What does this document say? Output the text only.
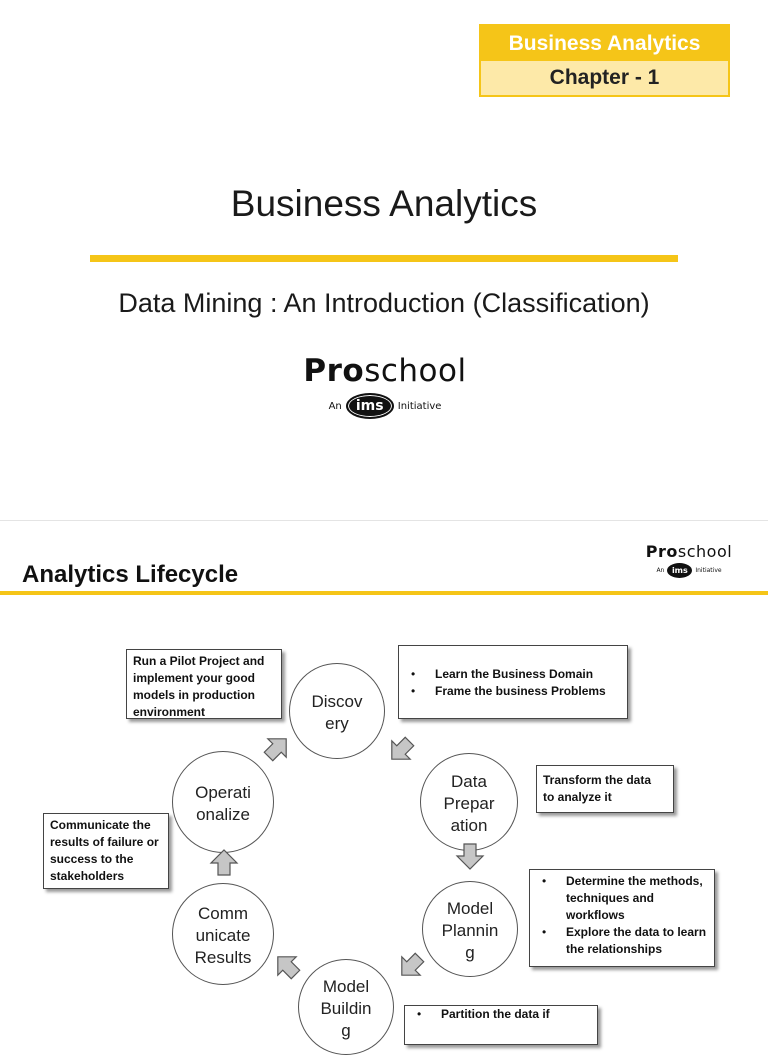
Business Analytics
Chapter - 1
Business Analytics
Data Mining : An Introduction (Classification)
Proschool
An	ims	Initiative
Analytics Lifecycle
Proschool
An ims	Initiative
Discov
ery
Data
Prepar
ation
Model
Plannin
g
Model
Buildin
g
Comm
unicate
Results
Operati
onalize
Run a Pilot Project and
implement your good
models in production
environment
• Learn the Business Domain
• Frame the business Problems
Transform the data
to analyze it
Communicate the
results of failure or
success to the
stakeholders
•	Determine the methods, techniques and workflows
• Explore the data to learn the relationships
• Partition the data if
